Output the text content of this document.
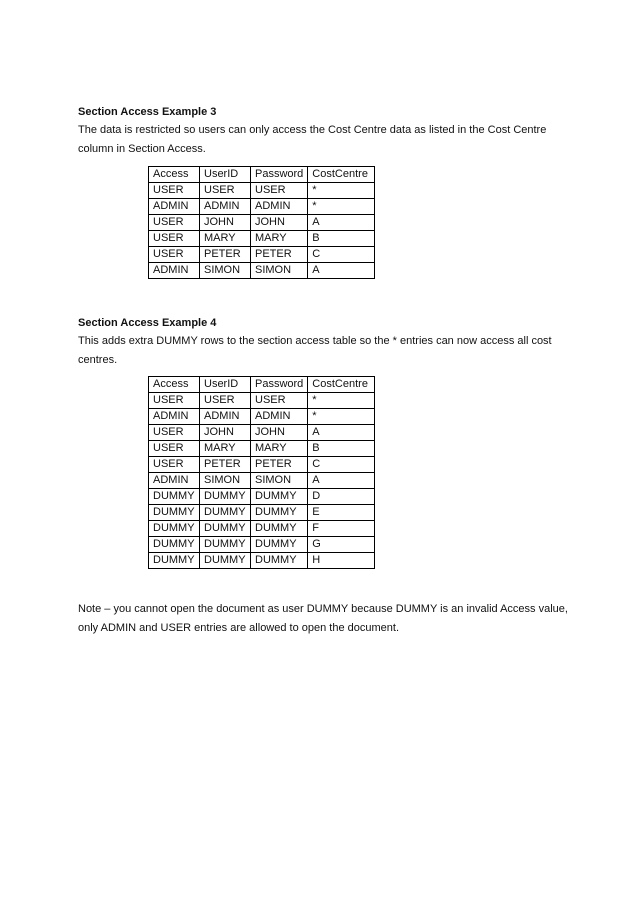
Section Access Example 3

The data is restricted so users can only access the Cost Centre data as listed in the Cost Centre column in Section Access.

Access	UserID	Password	CostCentre
USER	USER	USER	*
ADMIN	ADMIN	ADMIN	*
USER	JOHN	JOHN	A
USER	MARY	MARY	B
USER	PETER	PETER	C
ADMIN	SIMON	SIMON	A

Section Access Example 4

This adds extra DUMMY rows to the section access table so the * entries can now access all cost centres.

Access	UserID	Password	CostCentre
USER	USER	USER	*
ADMIN	ADMIN	ADMIN	*
USER	JOHN	JOHN	A
USER	MARY	MARY	B
USER	PETER	PETER	C
ADMIN	SIMON	SIMON	A
DUMMY	DUMMY	DUMMY	D
DUMMY	DUMMY	DUMMY	E
DUMMY	DUMMY	DUMMY	F
DUMMY	DUMMY	DUMMY	G
DUMMY	DUMMY	DUMMY	H

Note – you cannot open the document as user DUMMY because DUMMY is an invalid Access value, only ADMIN and USER entries are allowed to open the document.
